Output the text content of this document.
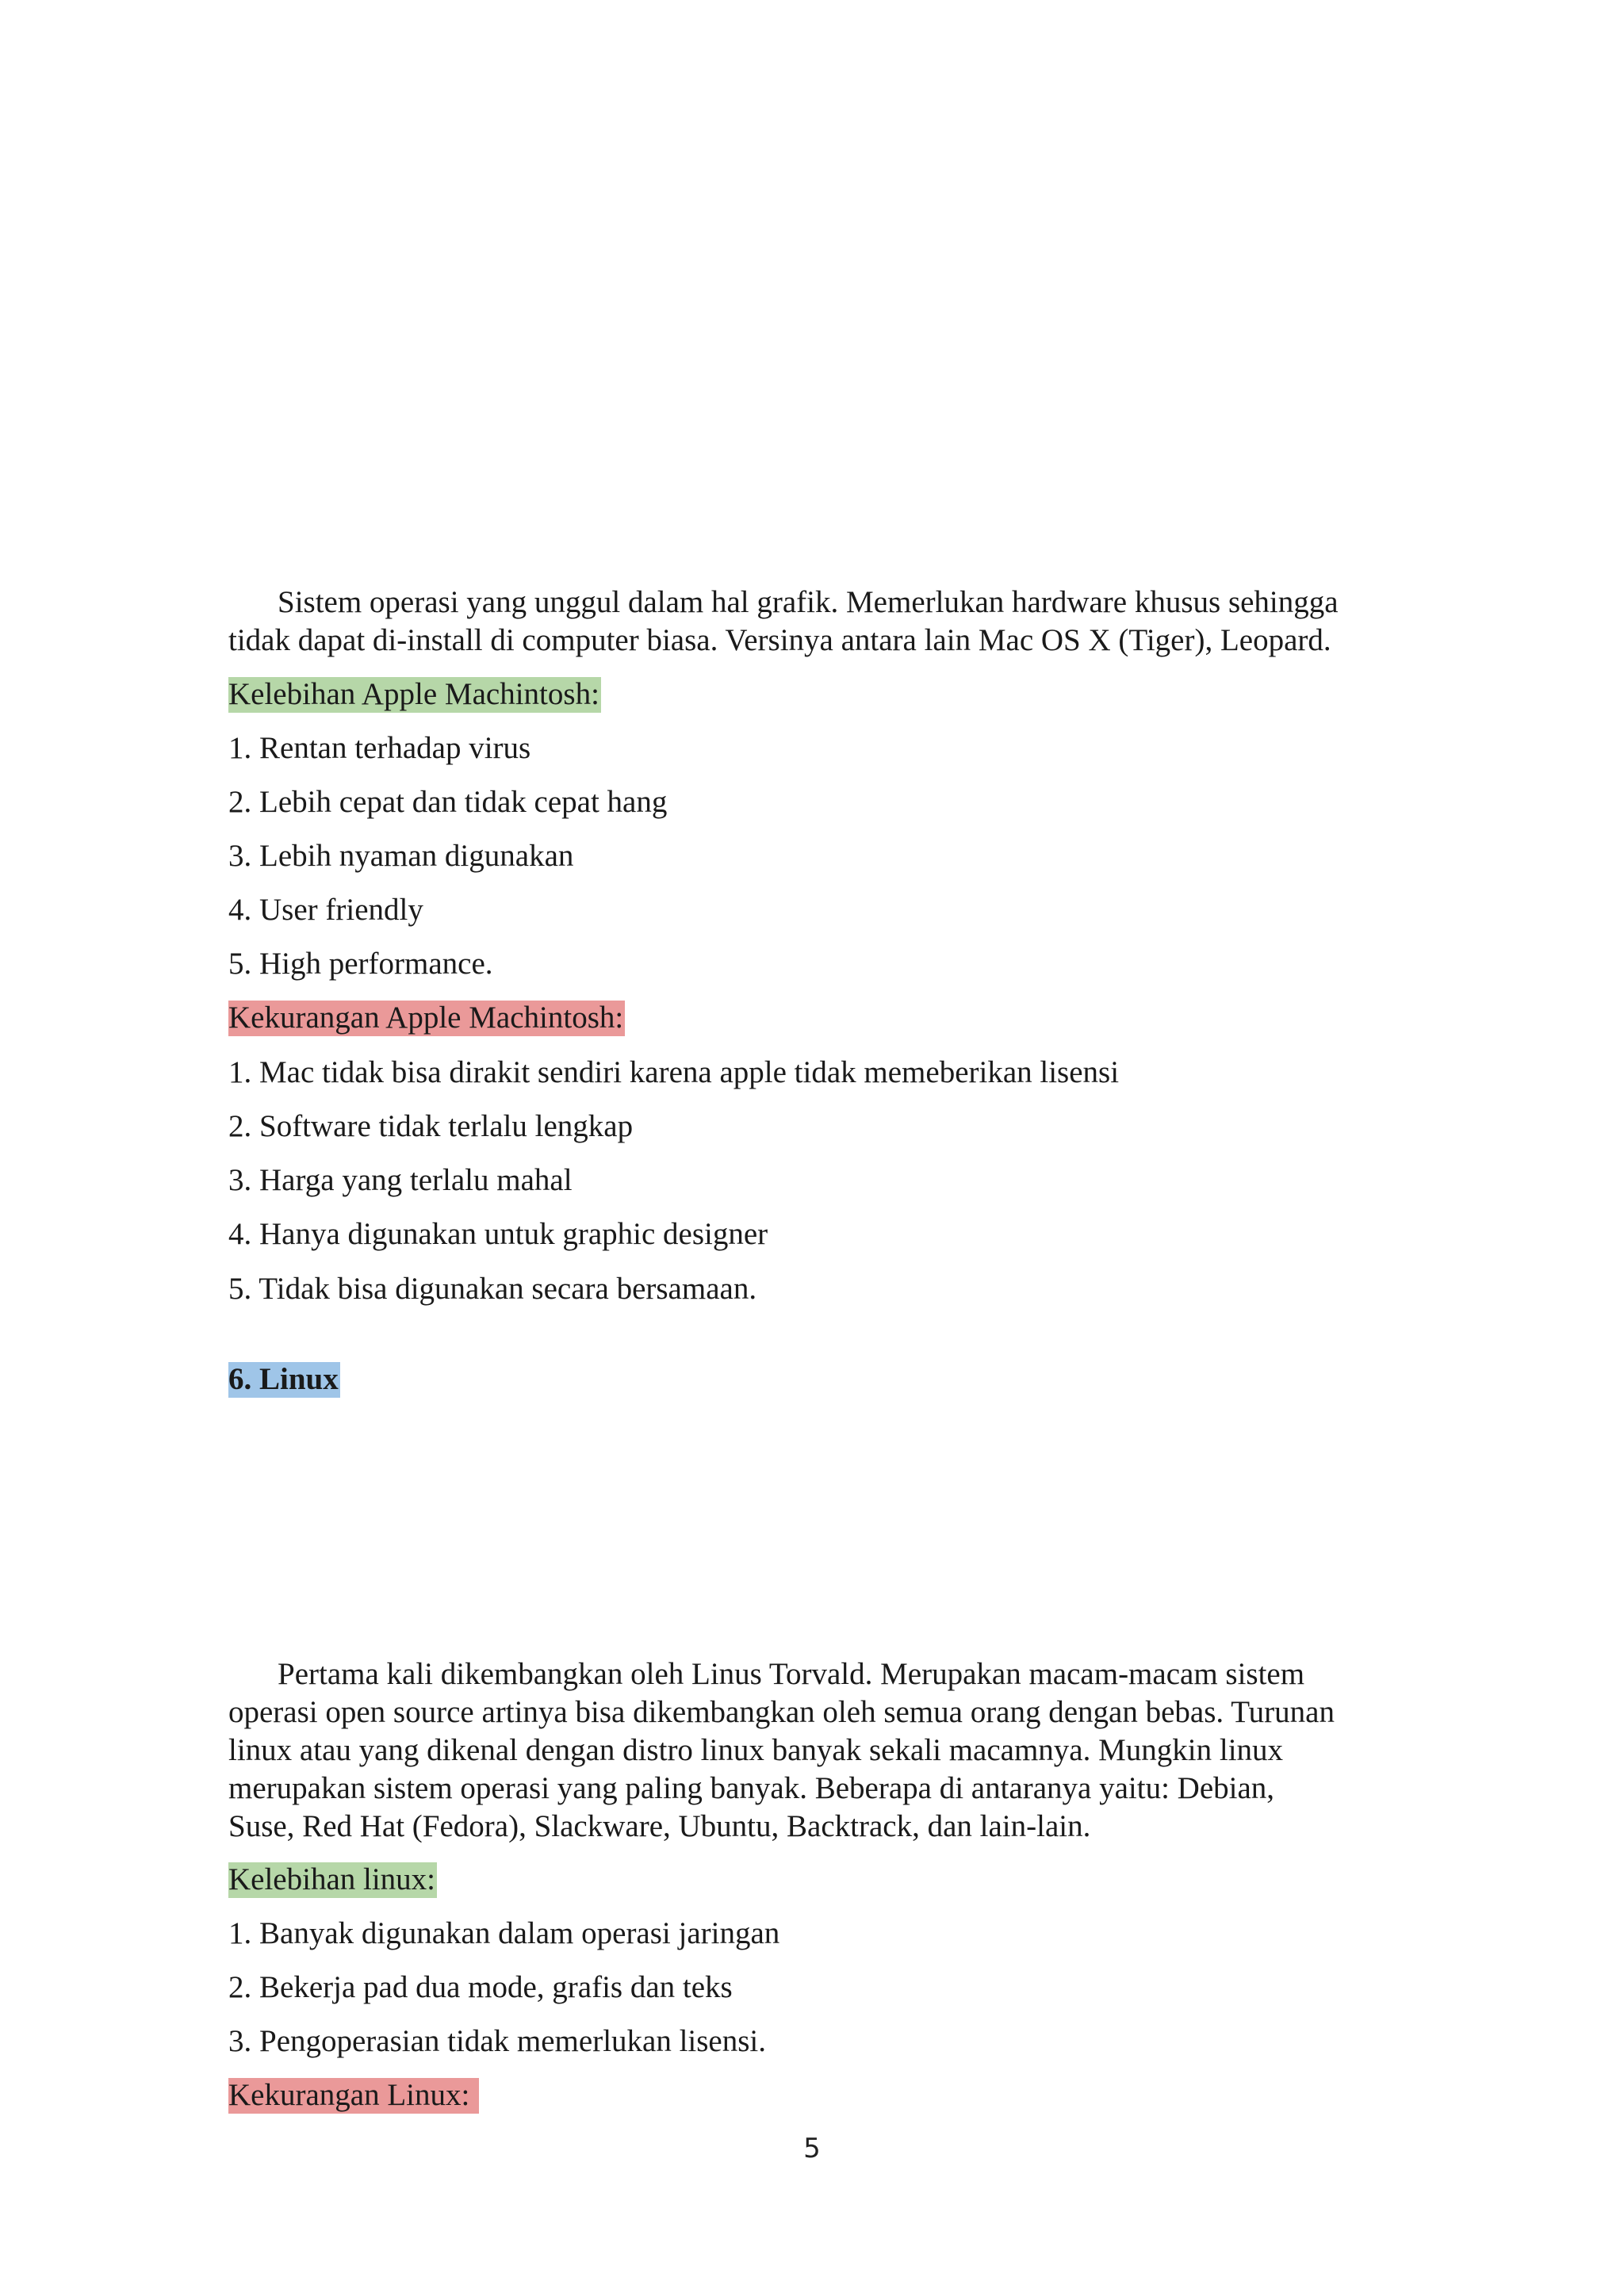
Sistem operasi yang unggul dalam hal grafik. Memerlukan hardware khusus sehingga
tidak dapat di-install di computer biasa. Versinya antara lain Mac OS X (Tiger), Leopard.

Kelebihan Apple Machintosh:

1. Rentan terhadap virus

2. Lebih cepat dan tidak cepat hang

3. Lebih nyaman digunakan

4. User friendly

5. High performance.

Kekurangan Apple Machintosh:

1. Mac tidak bisa dirakit sendiri karena apple tidak memeberikan lisensi

2. Software tidak terlalu lengkap

3. Harga yang terlalu mahal

4. Hanya digunakan untuk graphic designer

5. Tidak bisa digunakan secara bersamaan.

6. Linux

Pertama kali dikembangkan oleh Linus Torvald. Merupakan macam-macam sistem
operasi open source artinya bisa dikembangkan oleh semua orang dengan bebas. Turunan
linux atau yang dikenal dengan distro linux banyak sekali macamnya. Mungkin linux
merupakan sistem operasi yang paling banyak. Beberapa di antaranya yaitu: Debian,
Suse, Red Hat (Fedora), Slackware, Ubuntu, Backtrack, dan lain-lain.

Kelebihan linux:

1. Banyak digunakan dalam operasi jaringan

2. Bekerja pad dua mode, grafis dan teks

3. Pengoperasian tidak memerlukan lisensi.

Kekurangan Linux:

5
